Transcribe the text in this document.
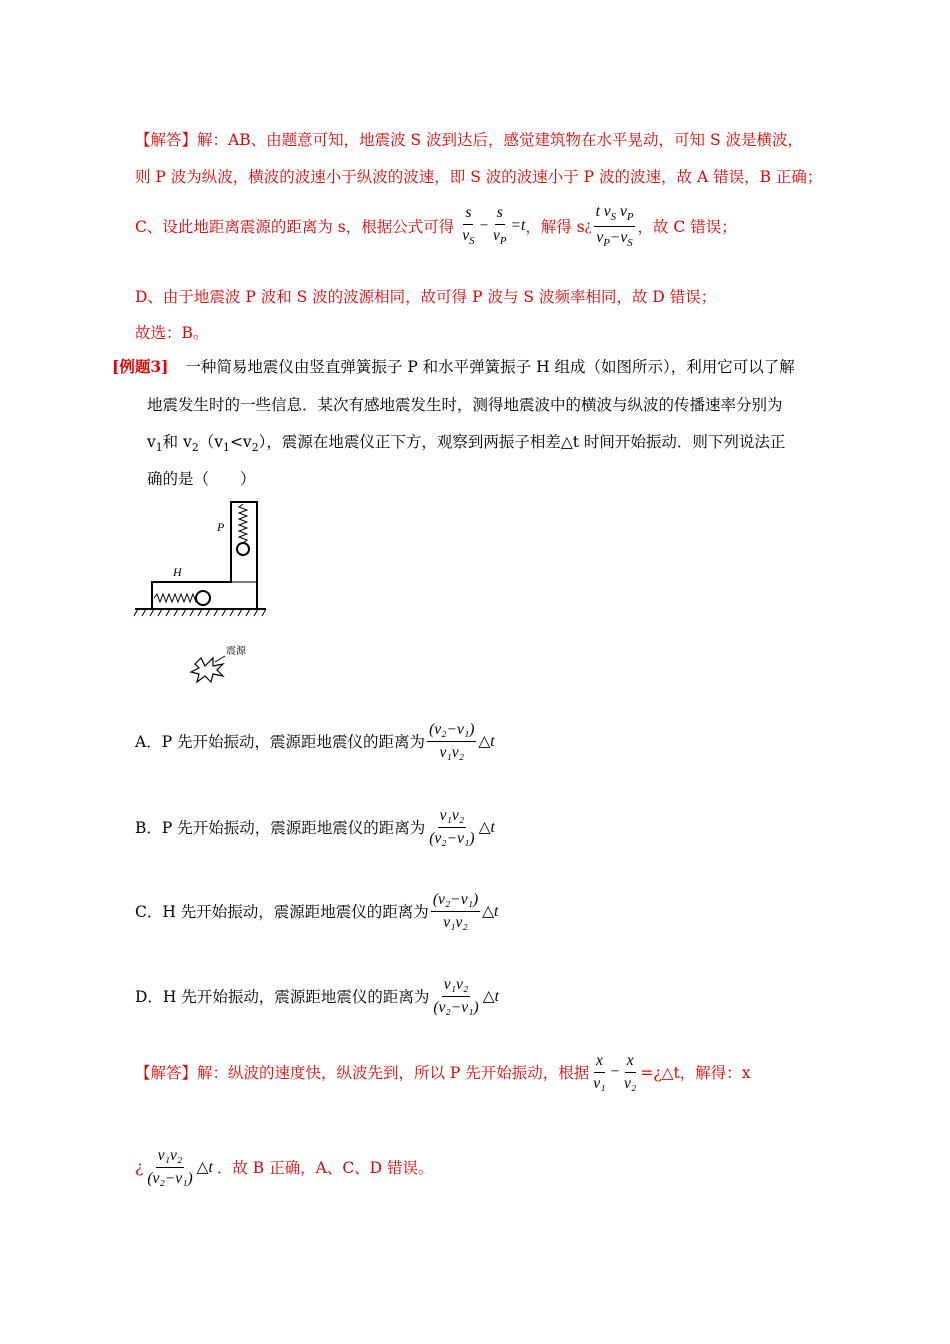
【解答】解：AB、由题意可知，地震波 S 波到达后，感觉建筑物在水平晃动，可知 S 波是横波，
则 P 波为纵波，横波的波速小于纵波的波速，即 S 波的波速小于 P 波的波速，故 A 错误，B 正确；
C、设此地距离震源的距离为 s，根据公式可得 $\frac{s}{v_S} - \frac{s}{v_P} =t$ ，解得 s ¿ $\frac{t v_S v_P}{v_P-v_S}$ ，故 C 错误；
D、由于地震波 P 波和 S 波的波源相同，故可得 P 波与 S 波频率相同，故 D 错误；
故选：B。
[例题3] 一种简易地震仪由竖直弹簧振子 P 和水平弹簧振子 H 组成（如图所示），利用它可以了解
地震发生时的一些信息．某次有感地震发生时，测得地震波中的横波与纵波的传播速率分别为
$v_1$和 $v_2(v_1<v_2)$，震源在地震仪正下方，观察到两振子相差△t 时间开始振动．则下列说法正
确的是（　　）
P
H
震源
A．P 先开始振动，震源距地震仪的距离为 $\frac{\text{(v₂−v₁)}}{\text{v₁v₂}}$ △t
B．P 先开始振动，震源距地震仪的距离为 $\frac{\text{v₁v₂}}{\text{(v₂−v₁)}}$ △t
C．H 先开始振动，震源距地震仪的距离为 $\frac{\text{(v₂−v₁)}}{\text{v₁v₂}}$ △t
D．H 先开始振动，震源距地震仪的距离为 $\frac{\text{v₁v₂}}{\text{(v₂−v₁)}}$ △t
【解答】解：纵波的速度快，纵波先到，所以 P 先开始振动，根据 $\frac{x}{\text{v₁}} - \frac{x}{\text{v₂}}$ =¿△t，解得：x
¿ $\frac{\text{v₁v₂}}{\text{(v₂−v₁)}}$ △t ．故 B 正确，A、C、D 错误。
